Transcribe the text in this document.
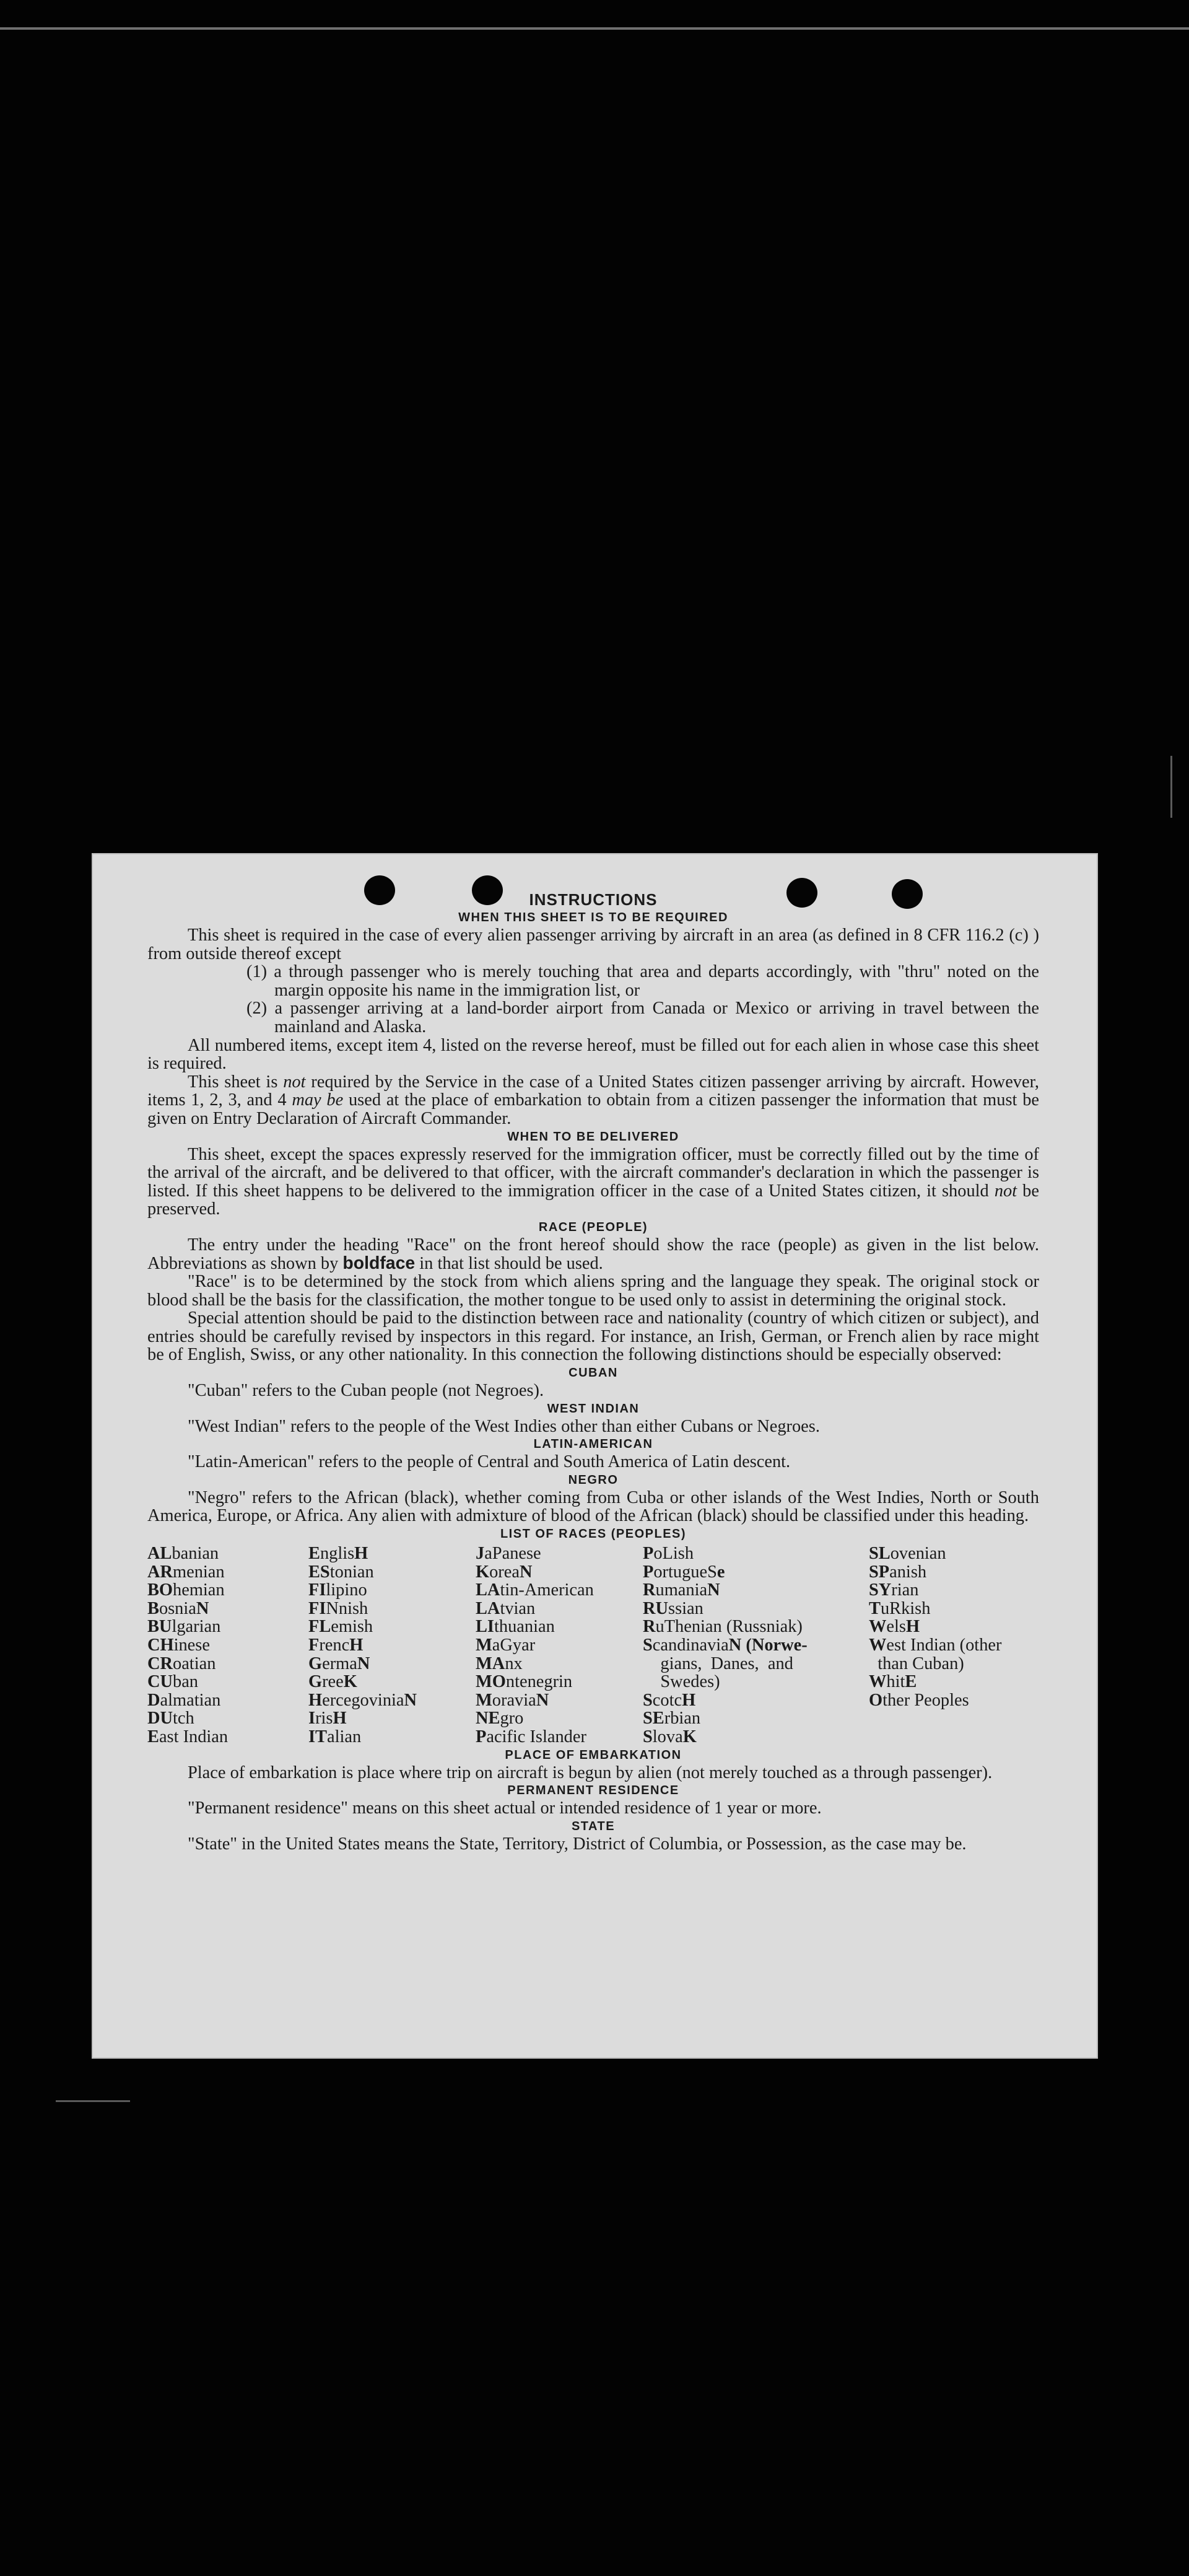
INSTRUCTIONS
WHEN THIS SHEET IS TO BE REQUIRED

This sheet is required in the case of every alien passenger arriving by aircraft in an area (as defined in 8 CFR 116.2 (c) ) from outside thereof except

(1) a through passenger who is merely touching that area and departs accordingly, with "thru" noted on the margin opposite his name in the immigration list, or

(2) a passenger arriving at a land-border airport from Canada or Mexico or arriving in travel between the mainland and Alaska.

All numbered items, except item 4, listed on the reverse hereof, must be filled out for each alien in whose case this sheet is required.

This sheet is not required by the Service in the case of a United States citizen passenger arriving by aircraft. However, items 1, 2, 3, and 4 may be used at the place of embarkation to obtain from a citizen passenger the information that must be given on Entry Declaration of Aircraft Commander.

WHEN TO BE DELIVERED

This sheet, except the spaces expressly reserved for the immigration officer, must be correctly filled out by the time of the arrival of the aircraft, and be delivered to that officer, with the aircraft commander's declaration in which the passenger is listed. If this sheet happens to be delivered to the immigration officer in the case of a United States citizen, it should not be preserved.

RACE (PEOPLE)

The entry under the heading "Race" on the front hereof should show the race (people) as given in the list below. Abbreviations as shown by boldface in that list should be used.

"Race" is to be determined by the stock from which aliens spring and the language they speak. The original stock or blood shall be the basis for the classification, the mother tongue to be used only to assist in determining the original stock.

Special attention should be paid to the distinction between race and nationality (country of which citizen or subject), and entries should be carefully revised by inspectors in this regard. For instance, an Irish, German, or French alien by race might be of English, Swiss, or any other nationality. In this connection the following distinctions should be especially observed:

CUBAN

"Cuban" refers to the Cuban people (not Negroes).

WEST INDIAN

"West Indian" refers to the people of the West Indies other than either Cubans or Negroes.

LATIN-AMERICAN

"Latin-American" refers to the people of Central and South America of Latin descent.

NEGRO

"Negro" refers to the African (black), whether coming from Cuba or other islands of the West Indies, North or South America, Europe, or Africa. Any alien with admixture of blood of the African (black) should be classified under this heading.

LIST OF RACES (PEOPLES)
ALbanian
ARmenian
BOhemian
BosniaN
BUlgarian
CHinese
CRoatian
CUban
Dalmatian
DUtch
East Indian
EnglisH
EStonian
FIlipino
FINnish
FLemish
FrencH
GermaN
GreeK
HercegoviniaN
IrisH
ITalian
JaPanese
KoreaN
LAtin-American
LAtvian
LIthuanian
MaGyar
MAnx
MOntenegrin
MoraviaN
NEgro
Pacific Islander
PoLish
PortugueSe
RumaniaN
RUssian
RuThenian (Russniak)
ScandinaviaN (Norwe-
gians,  Danes,  and
Swedes)
ScotcH
SErbian
SlovaK
SLovenian
SPanish
SYrian
TuRkish
WelsH
West Indian (other
than Cuban)
WhitE
Other Peoples

PLACE OF EMBARKATION

Place of embarkation is place where trip on aircraft is begun by alien (not merely touched as a through passenger).

PERMANENT RESIDENCE

"Permanent residence" means on this sheet actual or intended residence of 1 year or more.

STATE

"State" in the United States means the State, Territory, District of Columbia, or Possession, as the case may be.
